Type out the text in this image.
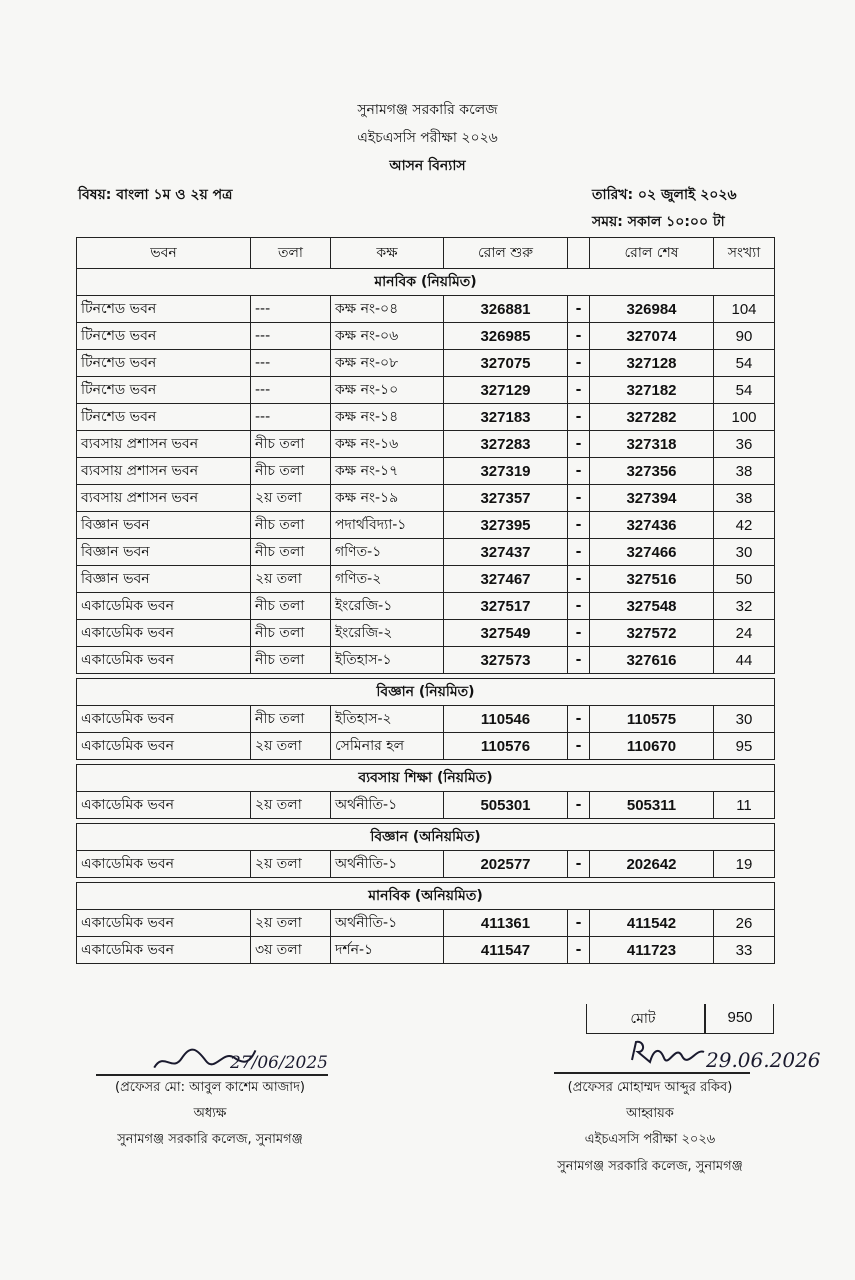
সুনামগঞ্জ সরকারি কলেজ
এইচএসসি পরীক্ষা ২০২৬
আসন বিন্যাস
বিষয়: বাংলা ১ম ও ২য় পত্র	তারিখ: ০২ জুলাই ২০২৬
সময়: সকাল ১০:০০ টা
ভবন	তলা	কক্ষ	রোল শুরু		রোল শেষ	সংখ্যা
মানবিক (নিয়মিত)						
টিনশেড ভবন	---	কক্ষ নং-০৪	326881	-	326984	104
টিনশেড ভবন	---	কক্ষ নং-০৬	326985	-	327074	90
টিনশেড ভবন	---	কক্ষ নং-০৮	327075	-	327128	54
টিনশেড ভবন	---	কক্ষ নং-১০	327129	-	327182	54
টিনশেড ভবন	---	কক্ষ নং-১৪	327183	-	327282	100
ব্যবসায় প্রশাসন ভবন	নীচ তলা	কক্ষ নং-১৬	327283	-	327318	36
ব্যবসায় প্রশাসন ভবন	নীচ তলা	কক্ষ নং-১৭	327319	-	327356	38
ব্যবসায় প্রশাসন ভবন	২য় তলা	কক্ষ নং-১৯	327357	-	327394	38
বিজ্ঞান ভবন	নীচ তলা	পদার্থবিদ্যা-১	327395	-	327436	42
বিজ্ঞান ভবন	নীচ তলা	গণিত-১	327437	-	327466	30
বিজ্ঞান ভবন	২য় তলা	গণিত-২	327467	-	327516	50
একাডেমিক ভবন	নীচ তলা	ইংরেজি-১	327517	-	327548	32
একাডেমিক ভবন	নীচ তলা	ইংরেজি-২	327549	-	327572	24
একাডেমিক ভবন	নীচ তলা	ইতিহাস-১	327573	-	327616	44

বিজ্ঞান (নিয়মিত)						
একাডেমিক ভবন	নীচ তলা	ইতিহাস-২	110546	-	110575	30
একাডেমিক ভবন	২য় তলা	সেমিনার হল	110576	-	110670	95

ব্যবসায় শিক্ষা (নিয়মিত)						
একাডেমিক ভবন	২য় তলা	অর্থনীতি-১	505301	-	505311	11

বিজ্ঞান (অনিয়মিত)						
একাডেমিক ভবন	২য় তলা	অর্থনীতি-১	202577	-	202642	19

মানবিক (অনিয়মিত)						
একাডেমিক ভবন	২য় তলা	অর্থনীতি-১	411361	-	411542	26
একাডেমিক ভবন	৩য় তলা	দর্শন-১	411547	-	411723	33
মোট	950
27/06/2025
(প্রফেসর মো: আবুল কাশেম আজাদ)
অধ্যক্ষ
সুনামগঞ্জ সরকারি কলেজ, সুনামগঞ্জ
29.06.2026
(প্রফেসর মোহাম্মদ আব্দুর রকিব)
আহ্বায়ক
এইচএসসি পরীক্ষা ২০২৬
সুনামগঞ্জ সরকারি কলেজ, সুনামগঞ্জ
